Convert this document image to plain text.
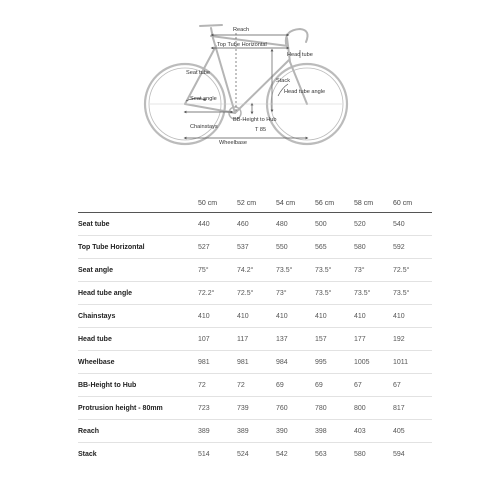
Reach
Top Tube Horizontal
Head tube
Seat tube
Stack
Head tube angle
Seat angle
BB-Height to Hub
Chainstays	T 85
Wheelbase
	50 cm	52 cm	54 cm	56 cm	58 cm	60 cm
Seat tube	440	460	480	500	520	540
Top Tube Horizontal	527	537	550	565	580	592
Seat angle	75°	74.2°	73.5°	73.5°	73°	72.5°
Head tube angle	72.2°	72.5°	73°	73.5°	73.5°	73.5°
Chainstays	410	410	410	410	410	410
Head tube	107	117	137	157	177	192
Wheelbase	981	981	984	995	1005	1011
BB-Height to Hub	72	72	69	69	67	67
Protrusion height - 80mm	723	739	760	780	800	817
Reach	389	389	390	398	403	405
Stack	514	524	542	563	580	594
